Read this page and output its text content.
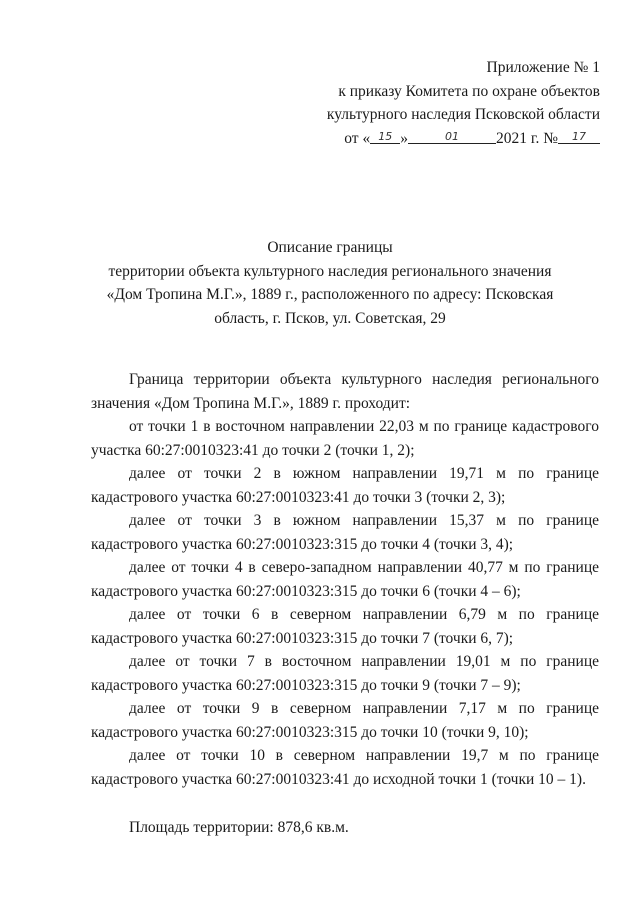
Приложение № 1
к приказу Комитета по охране объектов
культурного наследия Псковской области
от « 15 »	01 2021 г. № 17
Описание границы
территории объекта культурного наследия регионального значения
«Дом Тропина М.Г.», 1889 г., расположенного по адресу: Псковская
область, г. Псков, ул. Советская, 29

Граница территории объекта культурного наследия регионального значения «Дом Тропина М.Г.», 1889 г. проходит:

от точки 1 в восточном направлении 22,03 м по границе кадастрового участка 60:27:0010323:41 до точки 2 (точки 1, 2);

далее от точки 2 в южном направлении 19,71 м по границе кадастрового участка 60:27:0010323:41 до точки 3 (точки 2, 3);

далее от точки 3 в южном направлении 15,37 м по границе кадастрового участка 60:27:0010323:315 до точки 4 (точки 3, 4);

далее от точки 4 в северо-западном направлении 40,77 м по границе кадастрового участка 60:27:0010323:315 до точки 6 (точки 4 – 6);

далее от точки 6 в северном направлении 6,79 м по границе кадастрового участка 60:27:0010323:315 до точки 7 (точки 6, 7);

далее от точки 7 в восточном направлении 19,01 м по границе кадастрового участка 60:27:0010323:315 до точки 9 (точки 7 – 9);

далее от точки 9 в северном направлении 7,17 м по границе кадастрового участка 60:27:0010323:315 до точки 10 (точки 9, 10);

далее от точки 10 в северном направлении 19,7 м по границе кадастрового участка 60:27:0010323:41 до исходной точки 1 (точки 10 – 1).

Площадь территории: 878,6 кв.м.
